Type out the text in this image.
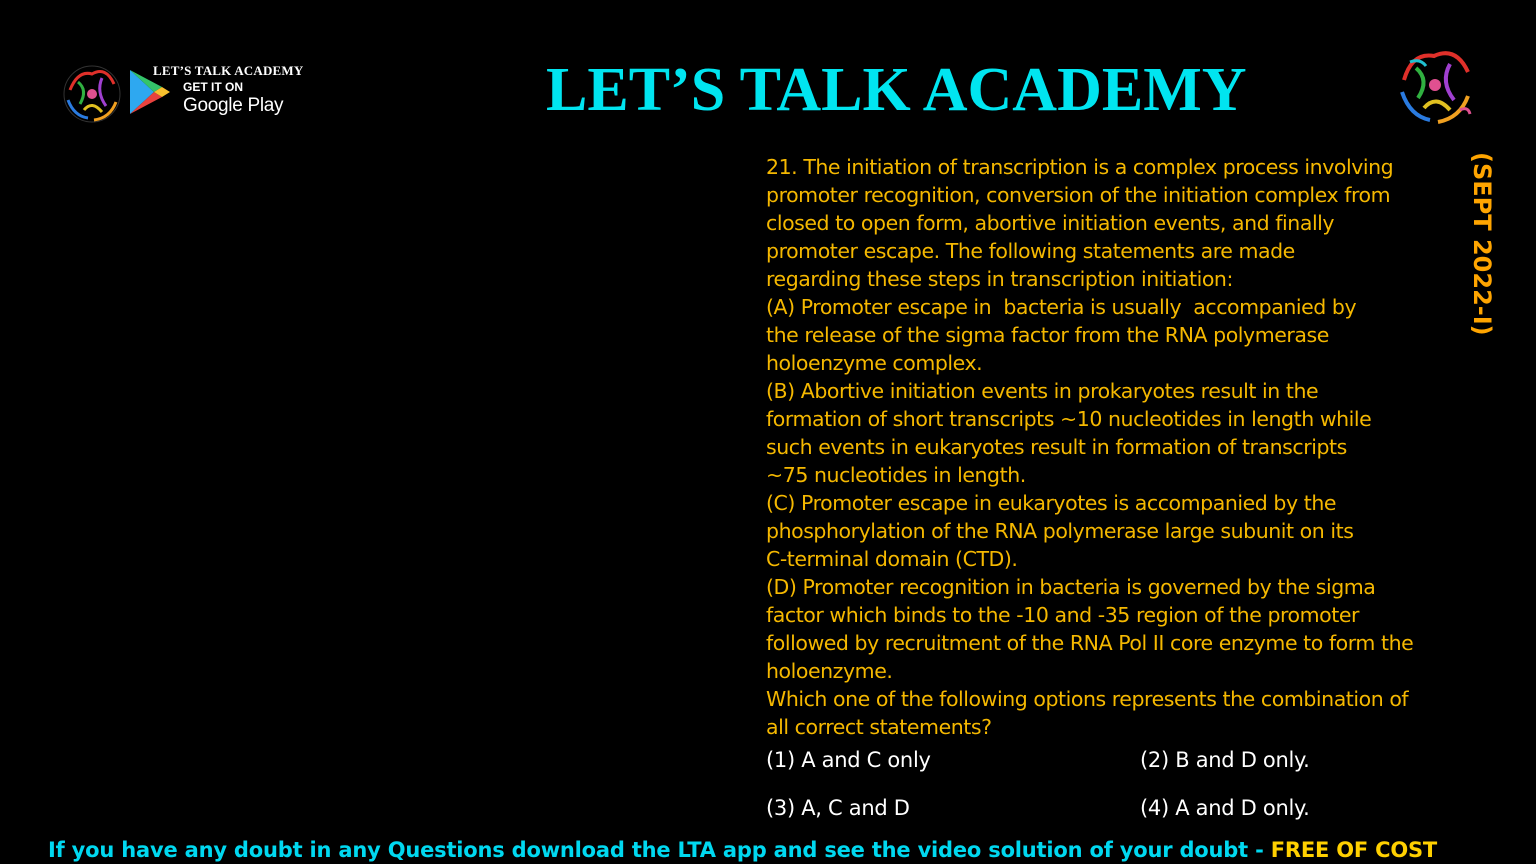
LET’S TALK ACADEMY
GET IT ON
Google Play	LET’S TALK ACADEMY
(SEPT 2022-I)
21. The initiation of transcription is a complex process involving
promoter recognition, conversion of the initiation complex from
closed to open form, abortive initiation events, and finally
promoter escape. The following statements are made
regarding these steps in transcription initiation:
(A) Promoter escape in  bacteria is usually  accompanied by
the release of the sigma factor from the RNA polymerase
holoenzyme complex.
(B) Abortive initiation events in prokaryotes result in the
formation of short transcripts ~10 nucleotides in length while
such events in eukaryotes result in formation of transcripts
~75 nucleotides in length.
(C) Promoter escape in eukaryotes is accompanied by the
phosphorylation of the RNA polymerase large subunit on its
C-terminal domain (CTD).
(D) Promoter recognition in bacteria is governed by the sigma
factor which binds to the -10 and -35 region of the promoter
followed by recruitment of the RNA Pol II core enzyme to form the
holoenzyme.
Which one of the following options represents the combination of
all correct statements?
(1) A and C only	(2) B and D only.
(3) A, C and D	(4) A and D only.
If you have any doubt in any Questions download the LTA app and see the video solution of your doubt - FREE OF COST
